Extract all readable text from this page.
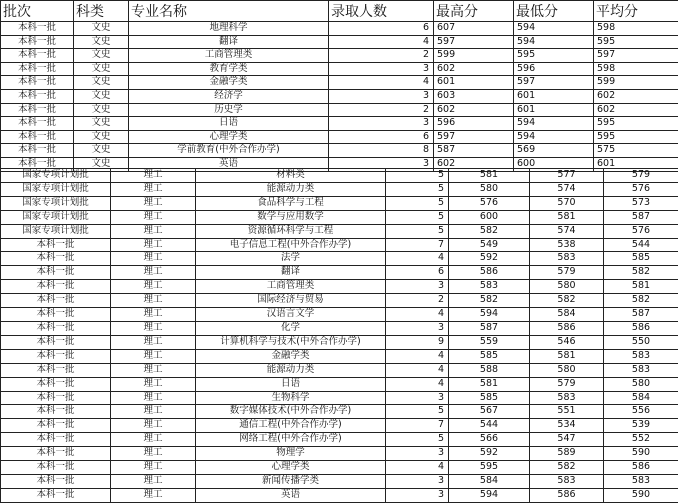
批次	科类	专业名称	录取人数	最高分	最低分	平均分
本科一批	文史	地理科学	6	607	594	598
本科一批	文史	翻译	4	597	594	595
本科一批	文史	工商管理类	2	599	595	597
本科一批	文史	教育学类	3	602	596	598
本科一批	文史	金融学类	4	601	597	599
本科一批	文史	经济学	3	603	601	602
本科一批	文史	历史学	2	602	601	602
本科一批	文史	日语	3	596	594	595
本科一批	文史	心理学类	6	597	594	595
本科一批	文史	学前教育(中外合作办学)	8	587	569	575
本科一批	文史	英语	3	602	600	601
国家专项计划批	理工	材料类	5	581	577	579
国家专项计划批	理工	能源动力类	5	580	574	576
国家专项计划批	理工	食品科学与工程	5	576	570	573
国家专项计划批	理工	数学与应用数学	5	600	581	587
国家专项计划批	理工	资源循环科学与工程	5	582	574	576
本科一批	理工	电子信息工程(中外合作办学)	7	549	538	544
本科一批	理工	法学	4	592	583	585
本科一批	理工	翻译	6	586	579	582
本科一批	理工	工商管理类	3	583	580	581
本科一批	理工	国际经济与贸易	2	582	582	582
本科一批	理工	汉语言文学	4	594	584	587
本科一批	理工	化学	3	587	586	586
本科一批	理工	计算机科学与技术(中外合作办学)	9	559	546	550
本科一批	理工	金融学类	4	585	581	583
本科一批	理工	能源动力类	4	588	580	583
本科一批	理工	日语	4	581	579	580
本科一批	理工	生物科学	3	585	583	584
本科一批	理工	数字媒体技术(中外合作办学)	5	567	551	556
本科一批	理工	通信工程(中外合作办学)	7	544	534	539
本科一批	理工	网络工程(中外合作办学)	5	566	547	552
本科一批	理工	物理学	3	592	589	590
本科一批	理工	心理学类	4	595	582	586
本科一批	理工	新闻传播学类	3	584	583	583
本科一批	理工	英语	3	594	586	590
